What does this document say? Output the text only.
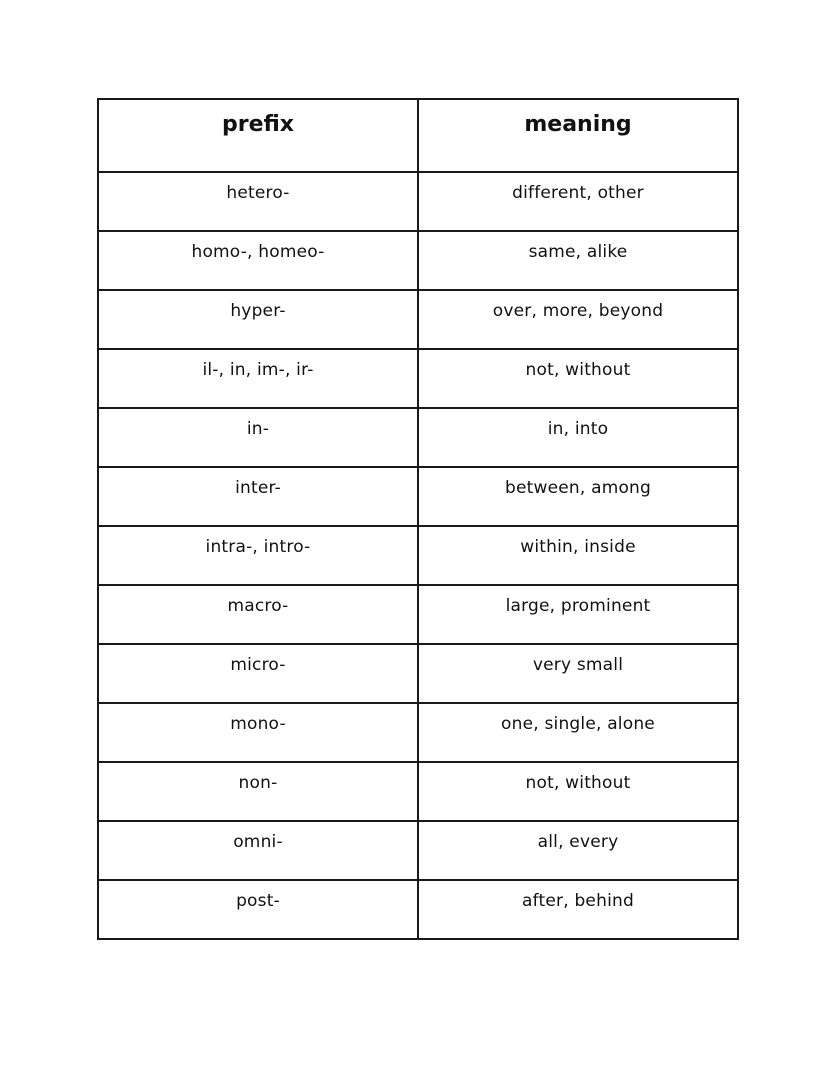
prefix	meaning
hetero-	different, other
homo-, homeo-	same, alike
hyper-	over, more, beyond
il-, in, im-, ir-	not, without
in-	in, into
inter-	between, among
intra-, intro-	within, inside
macro-	large, prominent
micro-	very small
mono-	one, single, alone
non-	not, without
omni-	all, every
post-	after, behind
